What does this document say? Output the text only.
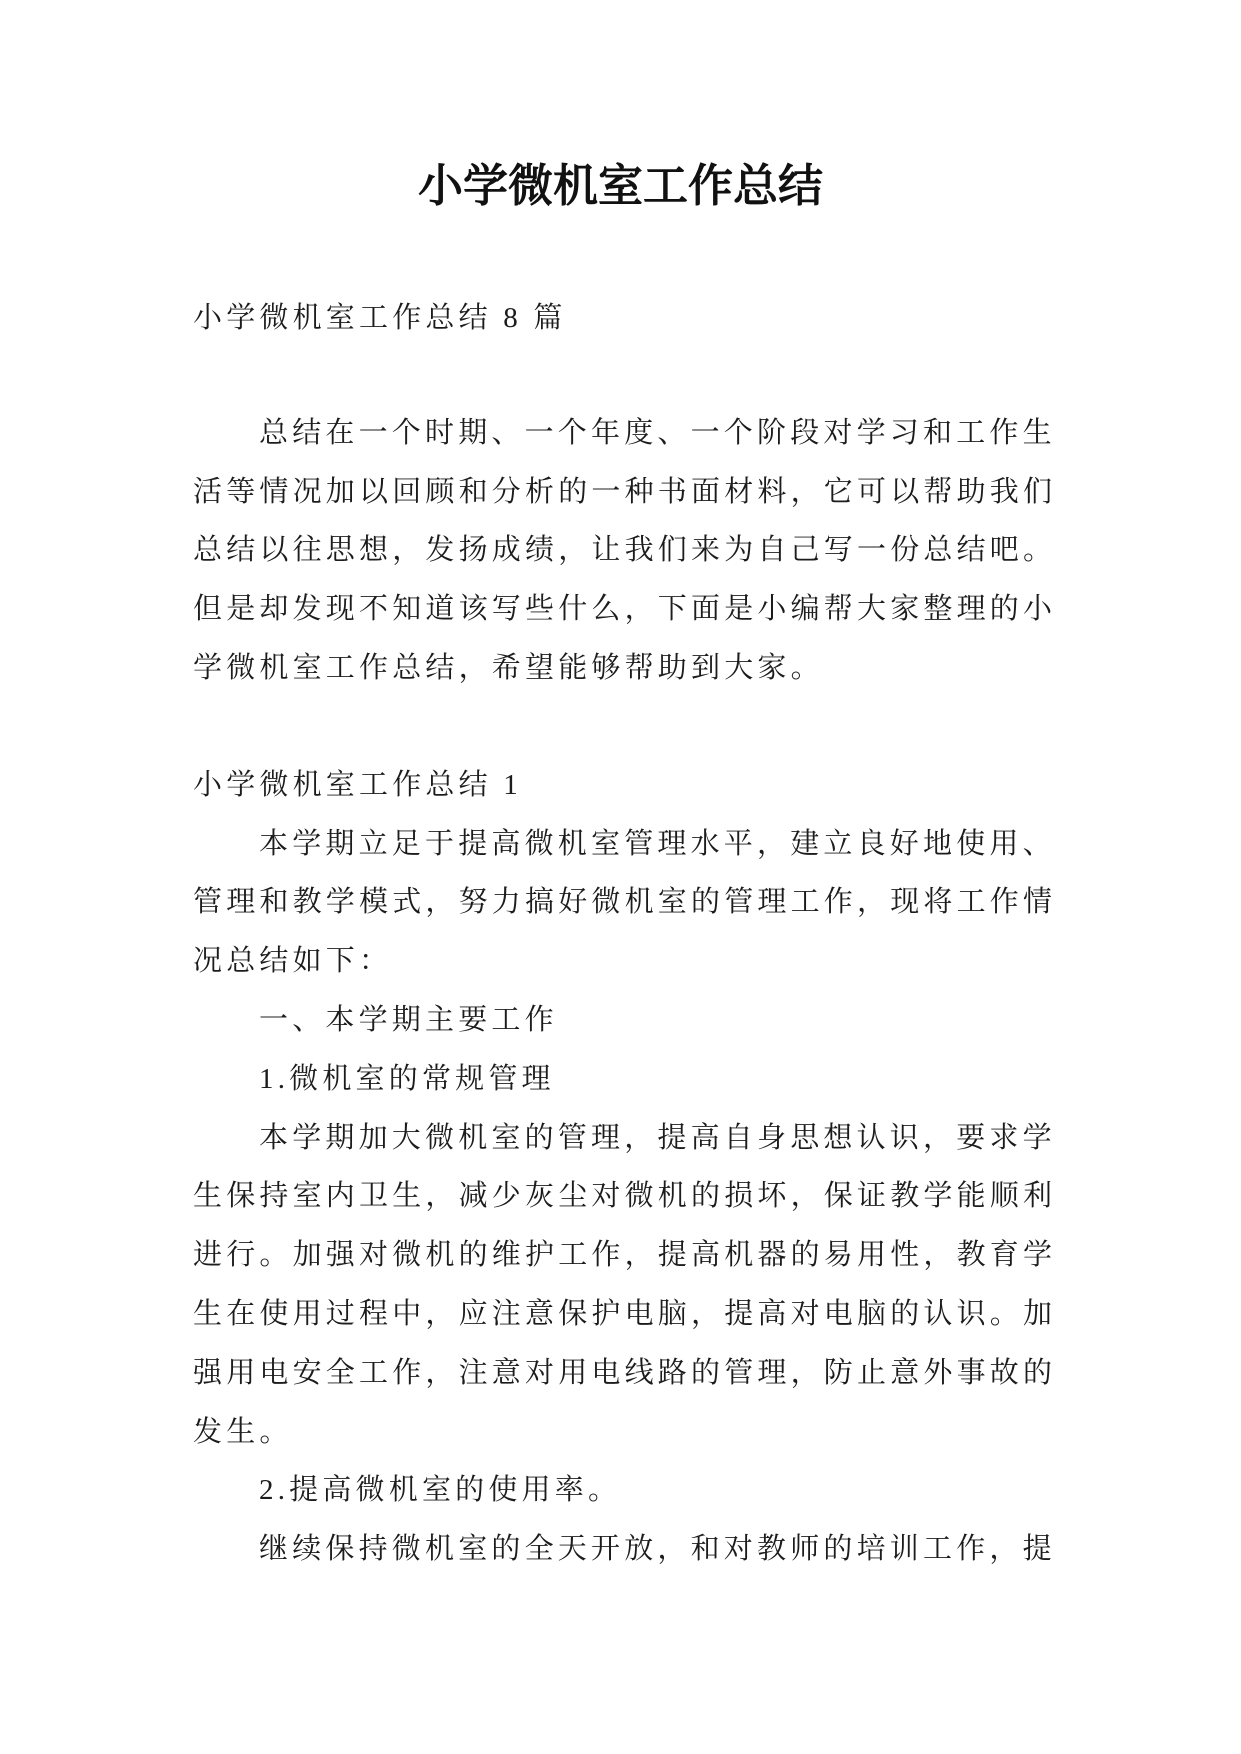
小学微机室工作总结
小学微机室工作总结 8 篇
总结在一个时期、一个年度、一个阶段对学习和工作生
活等情况加以回顾和分析的一种书面材料，它可以帮助我们
总结以往思想，发扬成绩，让我们来为自己写一份总结吧。
但是却发现不知道该写些什么，下面是小编帮大家整理的小
学微机室工作总结，希望能够帮助到大家。
小学微机室工作总结 1
本学期立足于提高微机室管理水平，建立良好地使用、
管理和教学模式，努力搞好微机室的管理工作，现将工作情
况总结如下：
一、本学期主要工作
1.微机室的常规管理
本学期加大微机室的管理，提高自身思想认识，要求学
生保持室内卫生，减少灰尘对微机的损坏，保证教学能顺利
进行。加强对微机的维护工作，提高机器的易用性，教育学
生在使用过程中，应注意保护电脑，提高对电脑的认识。加
强用电安全工作，注意对用电线路的管理，防止意外事故的
发生。
2.提高微机室的使用率。
继续保持微机室的全天开放，和对教师的培训工作，提
